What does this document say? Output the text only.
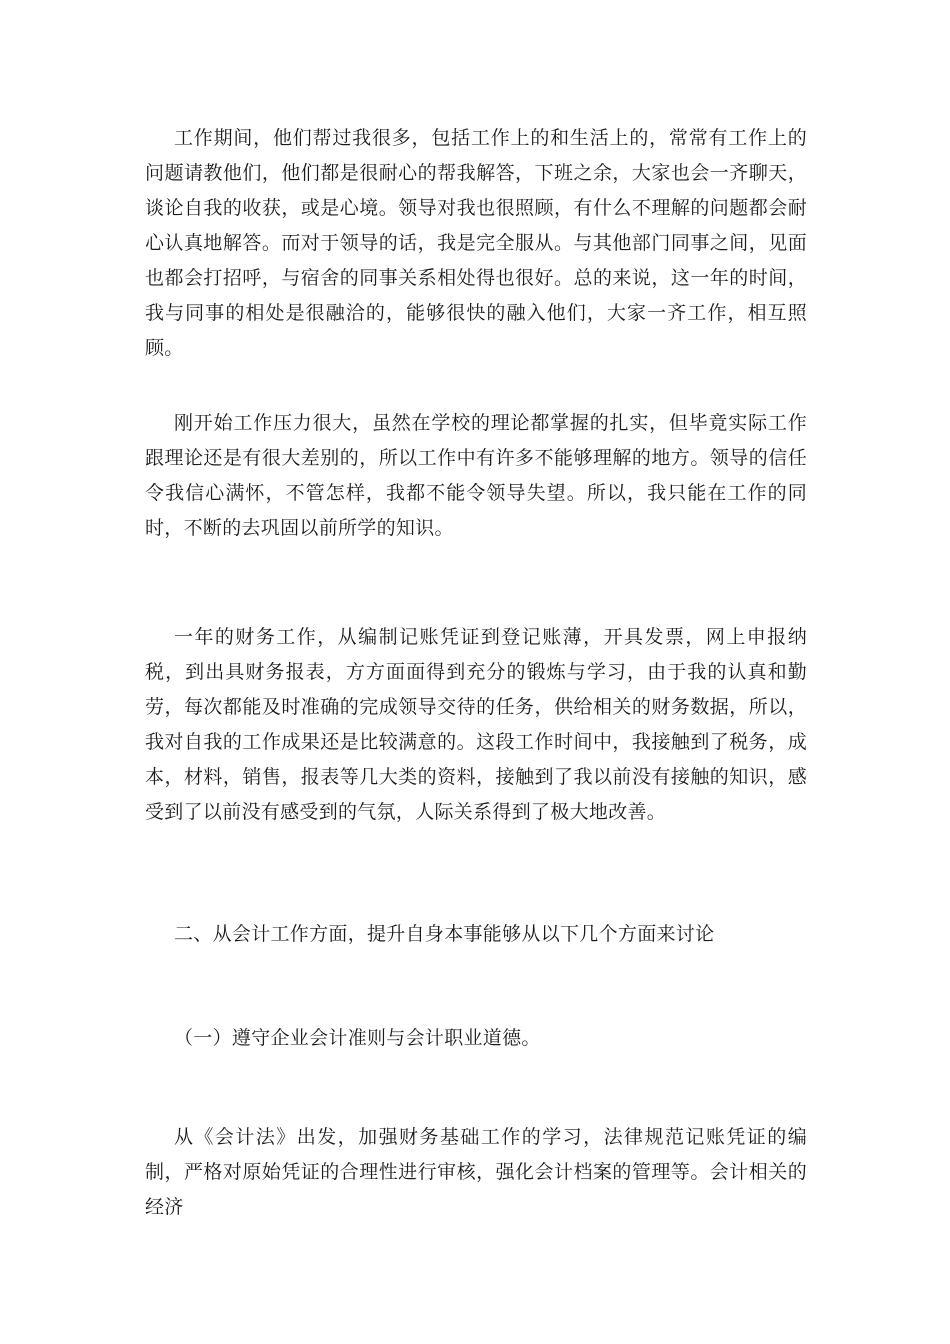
工作期间，他们帮过我很多，包括工作上的和生活上的，常常有工作上的问题请教他们，他们都是很耐心的帮我解答，下班之余，大家也会一齐聊天，谈论自我的收获，或是心境。领导对我也很照顾，有什么不理解的问题都会耐心认真地解答。而对于领导的话，我是完全服从。与其他部门同事之间，见面也都会打招呼，与宿舍的同事关系相处得也很好。总的来说，这一年的时间，我与同事的相处是很融洽的，能够很快的融入他们，大家一齐工作，相互照顾。

刚开始工作压力很大，虽然在学校的理论都掌握的扎实，但毕竟实际工作跟理论还是有很大差别的，所以工作中有许多不能够理解的地方。领导的信任令我信心满怀，不管怎样，我都不能令领导失望。所以，我只能在工作的同时，不断的去巩固以前所学的知识。

一年的财务工作，从编制记账凭证到登记账薄，开具发票，网上申报纳税，到出具财务报表，方方面面得到充分的锻炼与学习，由于我的认真和勤劳，每次都能及时准确的完成领导交待的任务，供给相关的财务数据，所以，我对自我的工作成果还是比较满意的。这段工作时间中，我接触到了税务，成本，材料，销售，报表等几大类的资料，接触到了我以前没有接触的知识，感受到了以前没有感受到的气氛，人际关系得到了极大地改善。

二、从会计工作方面，提升自身本事能够从以下几个方面来讨论

（一）遵守企业会计准则与会计职业道德。

从《会计法》出发，加强财务基础工作的学习，法律规范记账凭证的编制，严格对原始凭证的合理性进行审核，强化会计档案的管理等。会计相关的经济
